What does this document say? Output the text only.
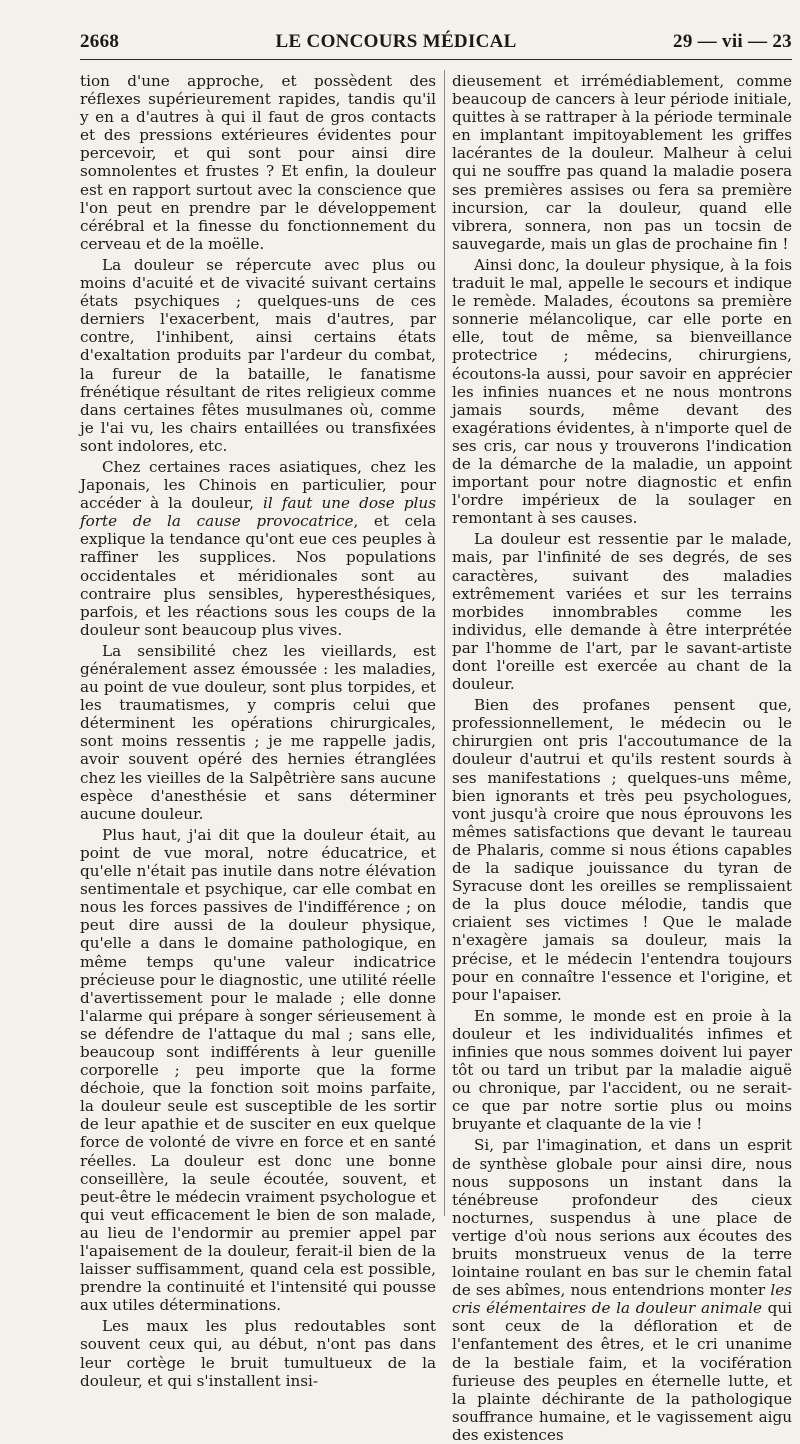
2668	LE CONCOURS MÉDICAL	29 — vii — 23

tion d'une approche, et possèdent des réflexes supérieurement rapides, tandis qu'il y en a d'autres à qui il faut de gros contacts et des pressions extérieures évidentes pour percevoir, et qui sont pour ainsi dire somnolentes et frustes ? Et enfin, la douleur est en rapport surtout avec la conscience que l'on peut en prendre par le développement cérébral et la finesse du fonctionnement du cerveau et de la moëlle.

La douleur se répercute avec plus ou moins d'acuité et de vivacité suivant certains états psychiques ; quelques-uns de ces derniers l'exacerbent, mais d'autres, par contre, l'inhibent, ainsi certains états d'exaltation produits par l'ardeur du combat, la fureur de la bataille, le fanatisme frénétique résultant de rites religieux comme dans certaines fêtes musulmanes où, comme je l'ai vu, les chairs entaillées ou transfixées sont indolores, etc.

Chez certaines races asiatiques, chez les Japonais, les Chinois en particulier, pour accéder à la douleur, il faut une dose plus forte de la cause provocatrice, et cela explique la tendance qu'ont eue ces peuples à raffiner les supplices. Nos populations occidentales et méridionales sont au contraire plus sensibles, hyperesthésiques, parfois, et les réactions sous les coups de la douleur sont beaucoup plus vives.

La sensibilité chez les vieillards, est généralement assez émoussée : les maladies, au point de vue douleur, sont plus torpides, et les traumatismes, y compris celui que déterminent les opérations chirurgicales, sont moins ressentis ; je me rappelle jadis, avoir souvent opéré des hernies étranglées chez les vieilles de la Salpêtrière sans aucune espèce d'anesthésie et sans déterminer aucune douleur.

Plus haut, j'ai dit que la douleur était, au point de vue moral, notre éducatrice, et qu'elle n'était pas inutile dans notre élévation sentimentale et psychique, car elle combat en nous les forces passives de l'indifférence ; on peut dire aussi de la douleur physique, qu'elle a dans le domaine pathologique, en même temps qu'une valeur indicatrice précieuse pour le diagnostic, une utilité réelle d'avertissement pour le malade ; elle donne l'alarme qui prépare à songer sérieusement à se défendre de l'attaque du mal ; sans elle, beaucoup sont indifférents à leur guenille corporelle ; peu importe que la forme déchoie, que la fonction soit moins parfaite, la douleur seule est susceptible de les sortir de leur apathie et de susciter en eux quelque force de volonté de vivre en force et en santé réelles. La douleur est donc une bonne conseillère, la seule écoutée, souvent, et peut-être le médecin vraiment psychologue et qui veut efficacement le bien de son malade, au lieu de l'endormir au premier appel par l'apaisement de la douleur, ferait-il bien de la laisser suffisamment, quand cela est possible, prendre la continuité et l'intensité qui pousse aux utiles déterminations.

Les maux les plus redoutables sont souvent ceux qui, au début, n'ont pas dans leur cortège le bruit tumultueux de la douleur, et qui s'installent insi-

dieusement et irrémédiablement, comme beaucoup de cancers à leur période initiale, quittes à se rattraper à la période terminale en implantant impitoyablement les griffes lacérantes de la douleur. Malheur à celui qui ne souffre pas quand la maladie posera ses premières assises ou fera sa première incursion, car la douleur, quand elle vibrera, sonnera, non pas un tocsin de sauvegarde, mais un glas de prochaine fin !

Ainsi donc, la douleur physique, à la fois traduit le mal, appelle le secours et indique le remède. Malades, écoutons sa première sonnerie mélancolique, car elle porte en elle, tout de même, sa bienveillance protectrice ; médecins, chirurgiens, écoutons-la aussi, pour savoir en apprécier les infinies nuances et ne nous montrons jamais sourds, même devant des exagérations évidentes, à n'importe quel de ses cris, car nous y trouverons l'indication de la démarche de la maladie, un appoint important pour notre diagnostic et enfin l'ordre impérieux de la soulager en remontant à ses causes.

La douleur est ressentie par le malade, mais, par l'infinité de ses degrés, de ses caractères, suivant des maladies extrêmement variées et sur les terrains morbides innombrables comme les individus, elle demande à être interprétée par l'homme de l'art, par le savant-artiste dont l'oreille est exercée au chant de la douleur.

Bien des profanes pensent que, professionnellement, le médecin ou le chirurgien ont pris l'accoutumance de la douleur d'autrui et qu'ils restent sourds à ses manifestations ; quelques-uns même, bien ignorants et très peu psychologues, vont jusqu'à croire que nous éprouvons les mêmes satisfactions que devant le taureau de Phalaris, comme si nous étions capables de la sadique jouissance du tyran de Syracuse dont les oreilles se remplissaient de la plus douce mélodie, tandis que criaient ses victimes ! Que le malade n'exagère jamais sa douleur, mais la précise, et le médecin l'entendra toujours pour en connaître l'essence et l'origine, et pour l'apaiser.

En somme, le monde est en proie à la douleur et les individualités infimes et infinies que nous sommes doivent lui payer tôt ou tard un tribut par la maladie aiguë ou chronique, par l'accident, ou ne serait-ce que par notre sortie plus ou moins bruyante et claquante de la vie !

Si, par l'imagination, et dans un esprit de synthèse globale pour ainsi dire, nous nous supposons un instant dans la ténébreuse profondeur des cieux nocturnes, suspendus à une place de vertige d'où nous serions aux écoutes des bruits monstrueux venus de la terre lointaine roulant en bas sur le chemin fatal de ses abîmes, nous entendrions monter les cris élémentaires de la douleur animale qui sont ceux de la défloration et de l'enfantement des êtres, et le cri unanime de la bestiale faim, et la vocifération furieuse des peuples en éternelle lutte, et la plainte déchirante de la pathologique souffrance humaine, et le vagissement aigu des existences
